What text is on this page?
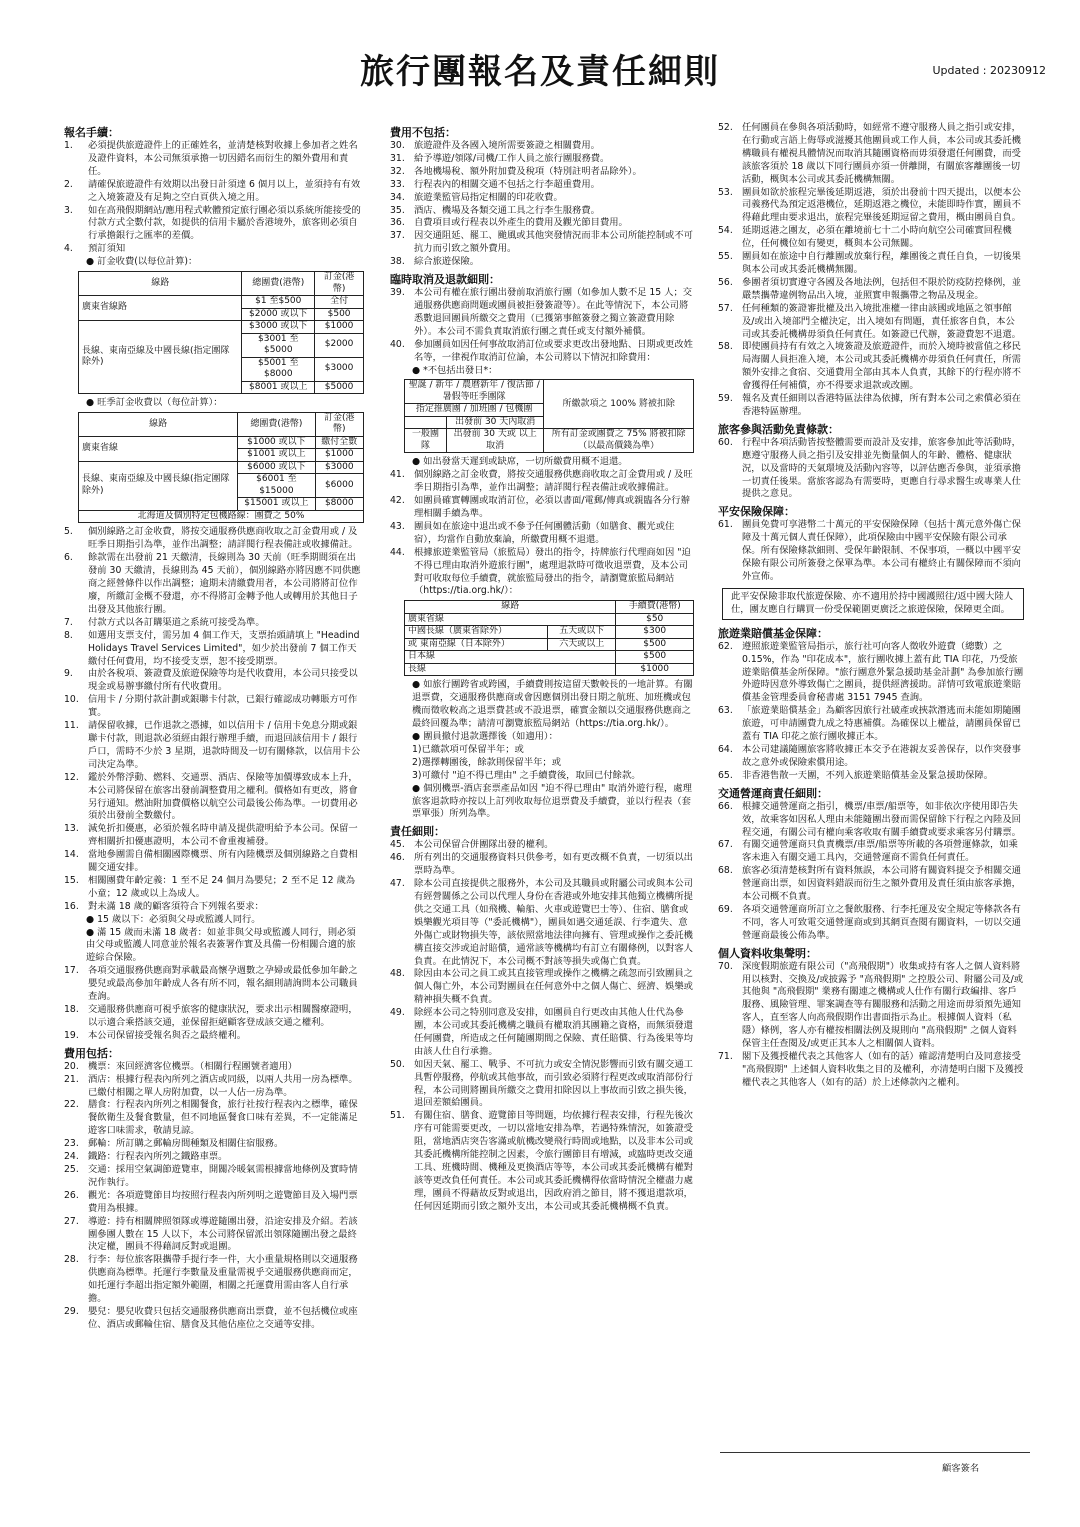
旅行團報名及責任細則	Updated : 20230912
報名手續：
1.	必須提供旅遊證件上的正確姓名，並清楚核對收據上參加者之姓名及證件資料，本公司無須承擔一切因錯名而衍生的額外費用和責任。
2.	請確保旅遊證件有效期以出發日計須達 6 個月以上，並須持有有效之入境簽證及有足夠之空白頁供入境之用。
3.	如在高飛假期網站/應用程式軟體預定旅行團必須以系統所能接受的付款方式全數付款，如提供的信用卡屬於香港境外，旅客則必須自行承擔銀行之匯率的差價。
4.	預訂須知
● 訂金收費(以每位計算)：
線路	總團費(港幣)	訂金(港幣)
廣東省線路	$1 至$500	全付
	$2000 或以下	$500
長線、東南亞線及中國長線(指定團隊除外)	$3000 或以下	$1000
	$3001 至$5000	$2000
	$5001 至$8000	$3000
	$8001 或以上	$5000
● 旺季訂金收費以（每位計算）：
線路	總團費(港幣)	訂金(港幣)
廣東省線	$1000 或以下	繳付全數
	$1001 或以上	$1000
長線、東南亞線及中國長線(指定團隊除外)	$6000 或以下	$3000
	$6001 至$15000	$6000
	$15001 或以上	$8000
北海道及個別特定包機路線：團費之 50%		
5.	個別線路之訂金收費，將按交通服務供應商收取之訂金費用或 / 及旺季日期指引為準，並作出調整；請詳閱行程表備註或收據備註。
6.	餘款需在出發前 21 天繳清，長線則為 30 天前（旺季期間須在出發前 30 天繳清，長線則為 45 天前），個別線路亦將因應不同供應商之經營條件以作出調整；逾期未清繳費用者，本公司將將訂位作廢，所繳訂金概不發還，亦不得將訂金轉予他人或轉用於其他日子出發及其他旅行團。
7.	付款方式以各訂購渠道之系統可接受為準。
8.	如選用支票支付，需另加 4 個工作天，支票抬頭請填上 "Headind Holidays Travel Services Limited"，如少於出發前 7 個工作天繳付任何費用，均不接受支票，恕不接受期票。
9.	由於各稅項、簽證費及旅遊保險等均是代收費用，本公司只接受以現金或易辦事繳付所有代收費用。
10. 信用卡 / 分期付款計劃或銀聯卡付款，已銀行確認成功轉賬方可作實。
11. 請保留收據，已作退款之憑據，如以信用卡 / 信用卡免息分期或銀聯卡付款，則退款必須經由銀行辦理手續，而退回該信用卡 / 銀行戶口，需時不少於 3 星期，退款時間及一切有關條款，以信用卡公司決定為準。
12. 鑑於外幣浮動、燃料、交通票、酒店、保險等加價導致成本上升，本公司將保留在旅客出發前調整費用之權利。價格如有更改，將會另行通知。燃油附加費價格以航空公司最後公佈為準。一切費用必須於出發前全數繳付。
13. 減免折扣優惠，必須於報名時申請及提供證明給予本公司。保留一齊相關折扣優惠證明，本公司不會重複補發。
14. 當地參團需自備相關國際機票、所有內陸機票及個別線路之自費相關交通安排。
15. 相關團費年齡定義：1 至不足 24 個月為嬰兒；2 至不足 12 歲為小童；12 歲或以上為成人。
16. 對未滿 18 歲的顧客須符合下列報名要求：
● 15 歲以下：必須與父母或監護人同行。
● 滿 15 歲而未滿 18 歲者：如並非與父母或監護人同行，則必須由父母或監護人同意並於報名表簽署作實及具備一份相關合適的旅遊綜合保險。
17. 各項交通服務供應商對承載最高懷孕週數之孕婦或最低參加年齡之嬰兒或最高參加年齡成人各有所不同，報名細則請詢問本公司職員查詢。
18. 交通服務供應商可視乎旅客的健康狀況，要求出示相關醫療證明，以示適合乘搭該交通，並保留拒絕顧客登成該交通之權利。
19. 本公司保留接受報名與否之最終權利。
費用包括：
20. 機票：來回經濟客位機票。（相關行程團號者適用）
21. 酒店：根據行程表內所列之酒店或同級，以兩人共用一房為標準。已繳付相關之單人房附加費，以一人佔一房為準。
22. 膳食：行程表內所列之相關餐食，旅行社按行程表內之標準，確保餐飲衛生及餐食數量，但不同地區餐食口味有差異，不一定能滿足遊客口味需求，敬請見諒。
23. 郵輪：所訂購之郵輪房間種類及相關住宿服務。
24. 鐵路：行程表內所列之鐵路車票。
25. 交通：採用空氣調節遊覽車，開關冷暖氣需根據當地條例及實時情況作執行。
26. 觀光：各項遊覽節目均按照行程表內所列明之遊覽節目及入場門票費用為根據。
27. 導遊：持有相關牌照領隊或導遊隨團出發，沿途安排及介紹。若該團參團人數在 15 人以下，本公司將保留派出領隊隨團出發之最終決定權，團員不得藉詞反對或退團。
28. 行李：每位旅客限攜帶手提行李一件，大小重量規格則以交通服務供應商為標準。托運行李數量及重量需視乎交通服務供應商而定，如托運行李超出指定額外範圍，相關之托運費用需由客人自行承擔。
29. 嬰兒：嬰兒收費只包括交通服務供應商出票費，並不包括機位或座位、酒店或郵輪住宿、膳食及其他佔座位之交通等安排。
費用不包括：
30. 旅遊證件及各國入境所需要簽證之相關費用。
31. 給予導遊/領隊/司機/工作人員之旅行團服務費。
32. 各地機場稅、額外附加費及稅項（特別註明者品除外）。
33. 行程表內的相關交通不包括之行李超重費用。
34. 旅遊業監管局指定相關的印花收費。
35. 酒店、機場及各類交通工具之行李生服務費。
36. 自費項目或行程表以外產生的費用及觀光節目費用。
37. 因交通阻延、罷工、颱風或其他突發情況而非本公司所能控制或不可抗力而引致之額外費用。
38. 綜合旅遊保險。
臨時取消及退款細則：
39. 本公司有權在旅行團出發前取消旅行團（如參加人數不足 15 人；交通服務供應商問題或團員被拒發簽證等）。在此等情況下，本公司將悉數退回團員所繳交之費用（已獲第事館簽發之獨立簽證費用除外）。本公司不需負責取消旅行團之責任或支付額外補償。
40. 參加團員如因任何事故取消訂位或要求更改出發地點、日期或更改姓名等，一律視作取消訂位論，本公司將以下情況扣除費用：
● *不包括出發日*：
聖誕 / 新年 / 農曆新年 / 復活節 / 暑假等旺季團隊		所繳款項之 100% 將被扣除
指定推廣團 / 加班團 / 包機團		
	出發前 30 天內取消	
一般團隊	出發前 30 天或 以上取消	所有訂金或團費之 75% 將被扣除（以最高價錢為準）
● 如出發當天遲到或缺席，一切所繳費用概不退還。
41. 個別線路之訂金收費，將按交通服務供應商收取之訂金費用或 / 及旺季日期指引為準，並作出調整；請詳閱行程表備註或收據備註。
42. 如團員確實轉團或取消訂位，必須以書面/電郵/傳真或親臨各分行辦理相關手續為準。
43. 團員如在旅途中退出或不參予任何團體活動（如膳食、觀光或住宿），均當作自動放棄論，所繳費用概不退還。
44. 根據旅遊業監管局（旅監局）發出的指令，持牌旅行代理商如因 "迫不得已理由取消外遊旅行團"，處理退款時可徵收退票費，及本公司對可收取每位手續費，就旅監局發出的指令，請瀏覽旅監局網站（https://tia.org.hk/）：
線路		手續費(港幣)
廣東省線		$50
中國長線（廣東省除外）	五天或以下	$300
或 東南亞線（日本除外）	六天或以上	$500
日本線		$500
長線		$1000
● 如旅行團跨省或跨國，手續費則按這留天數較長的一地計算。有關退票費，交通服務供應商或會因應個別出發日期之航班、加班機或包機而徵收較高之退票費甚或不設退票，確實金額以交通服務供應商之最終回覆為準；請清可瀏覽旅監局網站（https://tia.org.hk/）。
● 團員撤付退款選擇後（如適用）：
1)已繳款項可保留半年；或
2)選擇轉團後，餘款則保留半年；或
3)可繳付 "迫不得已理由" 之手續費後，取回已付餘款。
● 個別機票-酒店套票產品如因 "迫不得已理由" 取消外遊行程，處理旅客退款時亦按以上訂列收取每位退票費及手續費，並以行程表（套票單張）所列為準。
責任細則：
45. 本公司保留合併團隊出發的權利。
46. 所有列出的交通服務資料只供參考，如有更改概不負責，一切須以出票時為準。
47. 除本公司直接提供之服務外，本公司及其職員或附屬公司或與本公司有經營關係之公司以代理人身份在香港或外地安排其他獨立機構所提供之交通工具（如飛機、輪船、火車或遊覽巴士等）、住宿、膳食或娛樂觀光項目等（"委託機構"），團員如遇交通延誤、行李遺失、意外傷亡或財物損失等，該依照當地法律向擁有、管理或操作之委託機構直接交涉或追討賠償，通常該等機構均有訂立有關條例，以對客人負責。在此情況下，本公司概不對該等損失或傷亡負責。
48. 除因由本公司之員工或其直接管理或操作之機構之疏忽而引致團員之個人傷亡外，本公司對團員在任何意外中之個人傷亡、經濟、娛樂或精神損失概不負責。
49. 除經本公司之特別同意及安排，如團員自行更改由其他人仕代為參團，本公司或其委託機構之職員有權取消其團籍之資格，而無須發還任何團費，所造成之任何隨團期間之保險、責任賠償、行為後果等均由該人仕自行承擔。
50. 如因天氣、罷工、戰爭、不可抗力或安全情況影響而引致有關交通工具暫停服務，停航或其他事故，而引致必須將行程更改或取消部份行程，本公司則將團員所繳交之費用扣除因以上事故而引致之損失後，退回差額給團員。
51. 有關住宿、膳食、遊覽節目等問題，均依據行程表安排，行程先後次序有可能需要更改，一切以當地安排為準，若遇特殊情況，如簽證受阻，當地酒店突告客滿或航機改變飛行時間或地點，以及非本公司或其委託機構所能控制之因素，令旅行團節目有增減，或臨時更改交通工具、班機時間、機種及更換酒店等等，本公司或其委託機構有權對該等更改負任何責任。本公司或其委託機構得依當時情況全權盡力處理，團員不得藉故反對或退出，因政府消之節目，將不獲退還款項，任何因延期而引致之額外支出，本公司或其委託機構概不負責。
52. 任何團員在參與各項活動時，如經常不遵守服務人員之指引或安排，在行動或言語上侮辱或滋擾其他團員或工作人員，本公司或其委託機構職員有權視具體情況而取消其隨團資格而毋須發還任何團費，而受該旅客須於 18 歲以下同行團員亦須一併離開，有關旅客離團後一切活動，概與本公司或其委託機構無關。
53. 團員如欲於旅程完畢後延期返港，須於出發前十四天提出，以便本公司義務代為預定返港機位，延期返港之機位，未能即時作實，團員不得藉此理由要求退出，旅程完畢後延期逗留之費用，概由團員自負。
54. 延期返港之團友，必須在離境前七十二小時向航空公司確實回程機位，任何機位如有變更，概與本公司無關。
55. 團員如在旅途中自行離團或放棄行程，離團後之責任自負，一切後果與本公司或其委託機構無關。
56. 參團者須切實遵守各國及各地法例，包括但不限於防疫防控條例，並嚴禁攜帶違例物品出入境，並照實申報攜帶之物品及現金。
57. 任何種類的簽證審批權及出入境批准權一律由該國或地區之領事館及/或出入境部門全權決定，出入境如有問題，責任旅客自負，本公司或其委託機構毋須負任何責任。如簽證已代辦，簽證費恕不退還。
58. 即使團員持有有效之入境簽證及旅遊證件，而於入境時被當值之移民局海關人員拒准入境，本公司或其委託機構亦毋須負任何責任，所需額外安排之食宿、交通費用全部由其本人負責，其餘下的行程亦將不會獲得任何補償，亦不得要求退款或改團。
59. 報名及責任細則以香港特區法律為依據，所有對本公司之索償必須在香港特區辦理。
旅客參與活動免責條款：
60. 行程中各項活動皆按整體需要而設計及安排，旅客參加此等活動時，應遵守服務人員之指引及安排並先衡量個人的年齡、體格、健康狀況，以及當時的天氣環境及活動內容等，以評估應否參與，並須承擔一切責任後果。當旅客認為有需要時，更應自行尋求醫生或專業人仕提供之意見。
平安保險保障：
61. 團員免費可享港幣二十萬元的平安保險保障（包括十萬元意外傷亡保障及十萬元個人責任保障），此項保險由中國平安保險有限公司承保。所有保險條款細則、受保年齡限制、不保事項，一概以中國平安保險有限公司所簽發之保單為準。本公司有權終止有關保障而不須向外宣佈。
此平安保險非取代旅遊保險、亦不適用於持中國護照往/返中國大陸人仕，團友應自行購買一份受保範圍更廣泛之旅遊保險，保障更全面。
旅遊業賠償基金保障：
62. 遵照旅遊業監管局指示，旅行社可向客人徵收外遊費（總數）之 0.15%，作為 "印花成本"，旅行團收據上蓋有此 TIA 印花，乃受旅遊業賠償基金所保障。"旅行團意外緊急援助基金計劃" 為參加旅行團外遊時因意外導致傷亡之團員，提供經濟援助。詳情可致電旅遊業賠償基金管理委員會秘書處 3151 7945 查詢。
63. 「旅遊業賠償基金」為顧客因旅行社破產或挾款潛逃而未能如期隨團旅遊，可申請團費九成之特惠補償。為確保以上權益，請團員保留已蓋有 TIA 印花之旅行團收據正本。
64. 本公司建議隨團旅客將收據正本交予在港親友妥善保存，以作突發事故之意外或保險索償用途。
65. 非香港售散一天團，不列入旅遊業賠償基金及緊急援助保障。
交通營運商責任細則：
66. 根據交通營運商之指引，機票/車票/船票等，如非依次序使用即告失效，故乘客如因私人理由未能隨團出發而需保留餘下行程之內陸及回程交通，有關公司有權向乘客收取有關手續費或要求乘客另付購票。
67. 有關交通營運商只負責機票/車票/船票等所載的各項營運條款，如乘客未進入有關交通工具內，交通營運商不需負任何責任。
68. 旅客必須清楚核對所有資料無誤，本公司將有關資料提交予相關交通營運商出票，如因資料錯誤而衍生之額外費用及責任須由旅客承擔，本公司概不負責。
69. 各項交通營運商所訂立之餐飲服務、行李托運及安全規定等條款各有不同，客人可致電交通營運商或到其網頁查閱有關資料，一切以交通營運商最後公佈為準。
個人資料收集聲明：
70. 深度假期旅遊有限公司（"高飛假期"）收集或持有客人之個人資料將用以核對、交換及/或披露予 "高飛假期" 之控股公司、附屬公司及/或其他與 "高飛假期" 業務有關連之機構或人仕作有關行政編排、客戶服務、風險管理、罪案調查等有關服務和活動之用途而毋須預先通知客人，直至客人向高飛假期作出書面指示為止。根據個人資料（私隱）條例，客人亦有權按相關法例及規則向 "高飛假期" 之個人資料保管主任查閱及/或更正其本人之相關個人資料。
71. 閣下及獲授權代表之其他客人（如有的話）確認清楚明白及同意接受 "高飛假期" 上述個人資料收集之目的及權利，亦清楚明白閣下及獲授權代表之其他客人（如有的話）於上述條款內之權利。
顧客簽名
